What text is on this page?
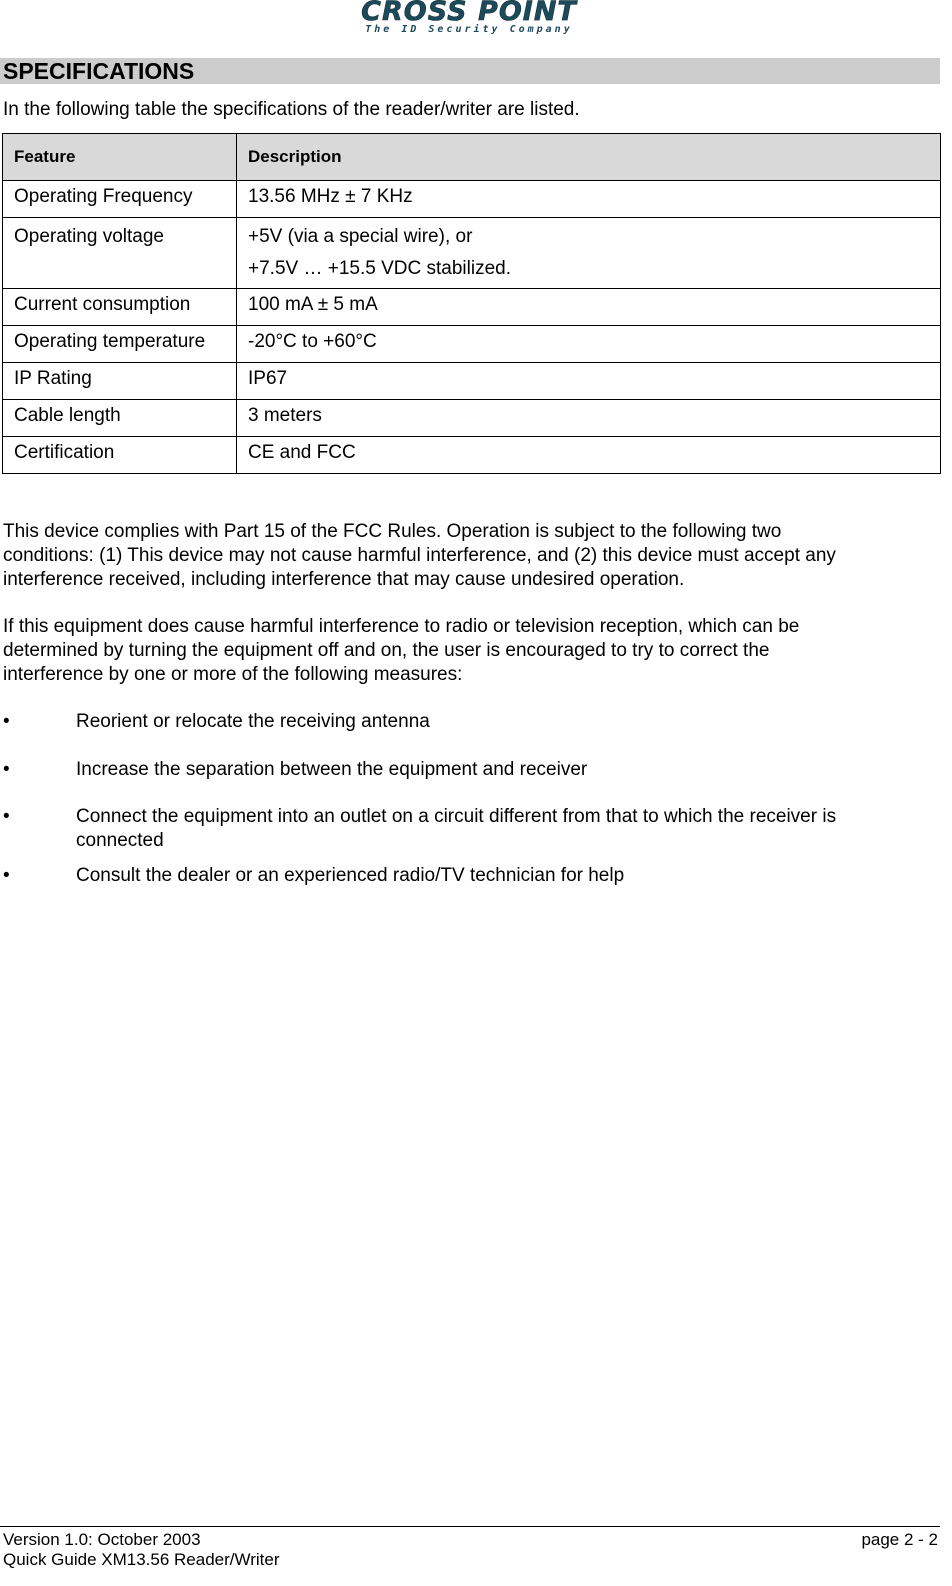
CROSS POINT
The ID Security Company
SPECIFICATIONS
In the following table the specifications of the reader/writer are listed.
Feature	Description
Operating Frequency	13.56 MHz ± 7 KHz

Operating voltage	+5V (via a special wire), or
+7.5V … +15.5 VDC stabilized.

Current consumption	100 mA ± 5 mA
Operating temperature	-20°C to +60°C
IP Rating	IP67
Cable length	3 meters
Certification	CE and FCC
This device complies with Part 15 of the FCC Rules. Operation is subject to the following two
conditions: (1) This device may not cause harmful interference, and (2) this device must accept any
interference received, including interference that may cause undesired operation.
If this equipment does cause harmful interference to radio or television reception, which can be
determined by turning the equipment off and on, the user is encouraged to try to correct the
interference by one or more of the following measures:
•	Reorient or relocate the receiving antenna
•	Increase the separation between the equipment and receiver
•	Connect the equipment into an outlet on a circuit different from that to which the receiver is
connected
•	Consult the dealer or an experienced radio/TV technician for help
Version 1.0: October 2003
Quick Guide XM13.56 Reader/Writer
page 2 - 2
